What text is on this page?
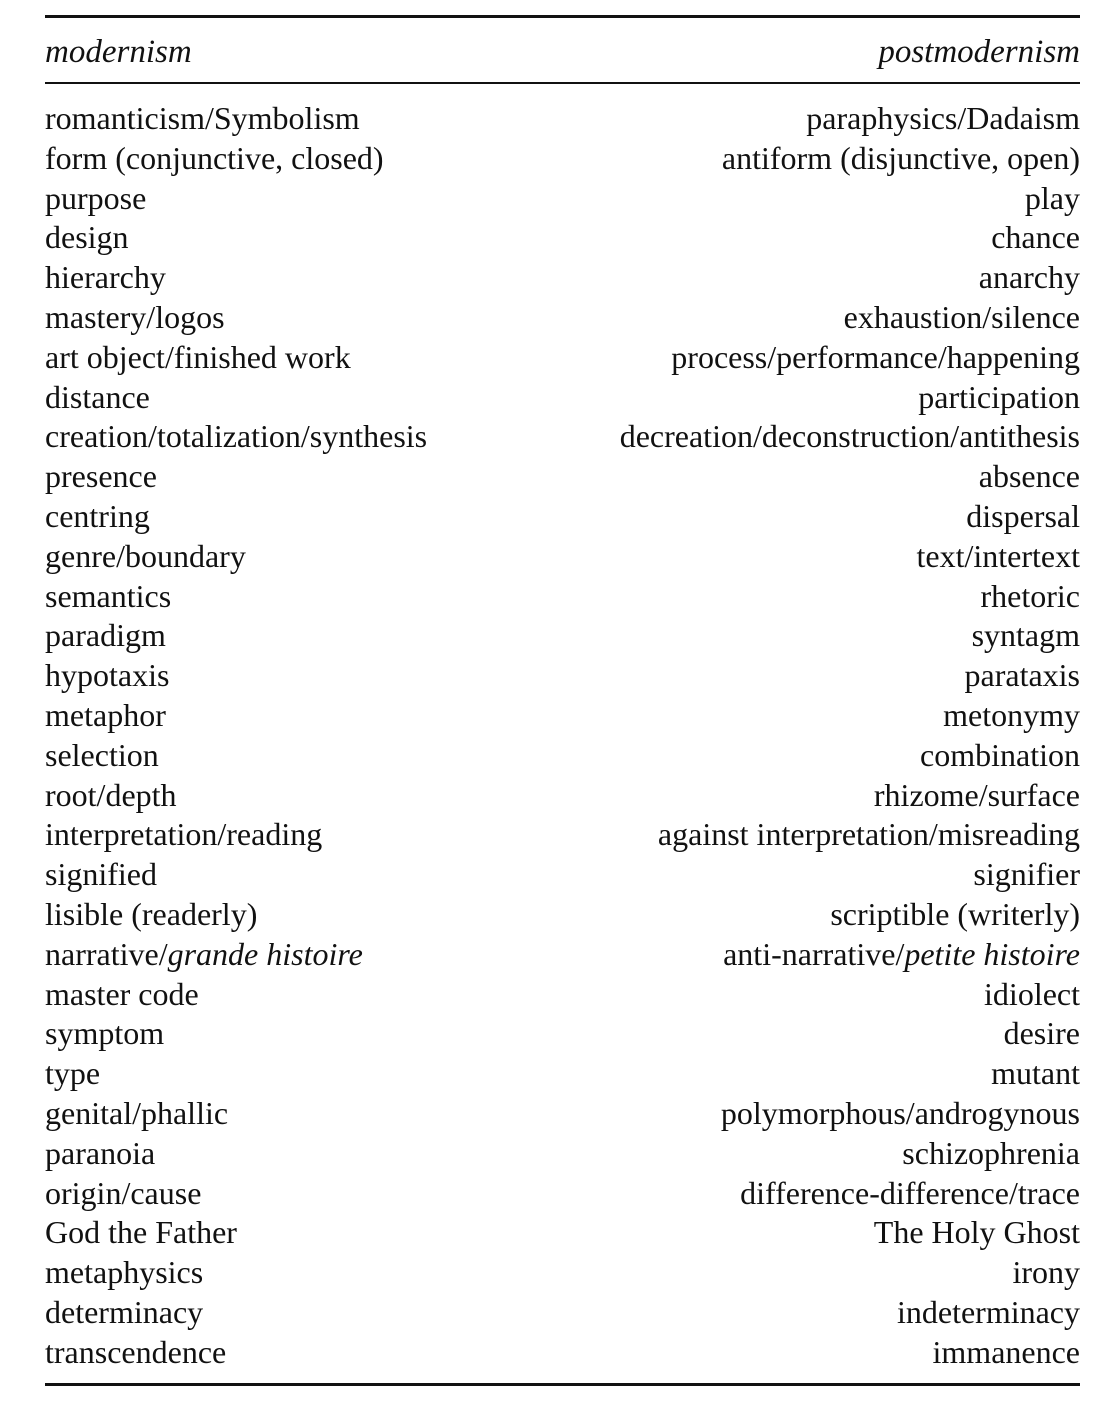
modernism	postmodernism
romanticism/Symbolism	paraphysics/Dadaism
form (conjunctive, closed)	antiform (disjunctive, open)
purpose	play
design	chance
hierarchy	anarchy
mastery/logos	exhaustion/silence
art object/finished work	process/performance/happening
distance	participation
creation/totalization/synthesis	decreation/deconstruction/antithesis
presence	absence
centring	dispersal
genre/boundary	text/intertext
semantics	rhetoric
paradigm	syntagm
hypotaxis	parataxis
metaphor	metonymy
selection	combination
root/depth	rhizome/surface
interpretation/reading	against interpretation/misreading
signified	signifier
lisible (readerly)	scriptible (writerly)
narrative/grande histoire	anti-narrative/petite histoire
master code	idiolect
symptom	desire
type	mutant
genital/phallic	polymorphous/androgynous
paranoia	schizophrenia
origin/cause	difference-difference/trace
God the Father	The Holy Ghost
metaphysics	irony
determinacy	indeterminacy
transcendence	immanence
